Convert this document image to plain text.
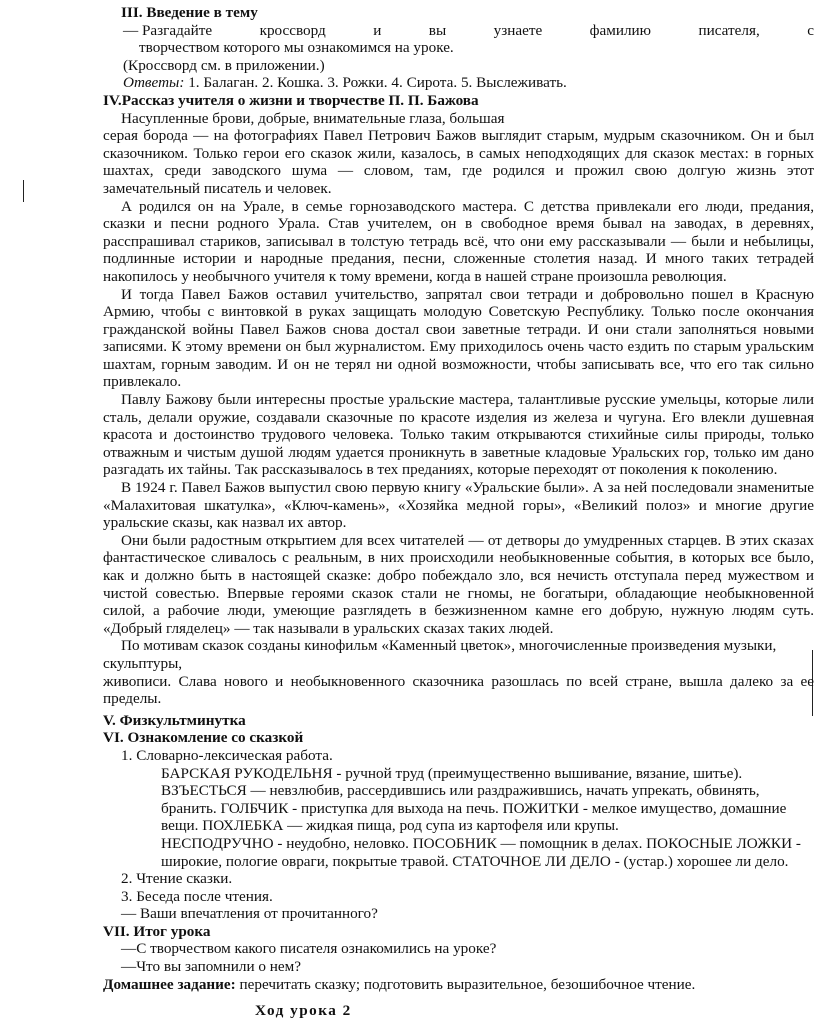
III. Введение в тему

— Разгадайте	кроссворд	и	вы	узнаете	фамилию	писателя,	с

творчеством которого мы ознакомимся на уроке.

(Кроссворд см. в приложении.)

Ответы: 1. Балаган. 2. Кошка. 3. Рожки. 4. Сирота. 5. Выслеживать.

IV.Рассказ учителя о жизни и творчестве П. П. Бажова

Насупленные брови, добрые, внимательные глаза, большая

серая борода — на фотографиях Павел Петрович Бажов выглядит старым, мудрым сказочником. Он и был сказочником. Только герои его сказок жили, казалось, в самых неподходящих для сказок местах: в горных шахтах, среди заводского шума — словом, там, где родился и прожил свою долгую жизнь этот замечательный писатель и человек.

А родился он на Урале, в семье горнозаводского мастера. С детства привлекали его люди, предания, сказки и песни родного Урала. Став учителем, он в свободное время бывал на заводах, в деревнях, расспрашивал стариков, записывал в толстую тетрадь всё, что они ему рассказывали — были и небылицы, подлинные истории и народные предания, песни, сложенные столетия назад. И много таких тетрадей накопилось у необычного учителя к тому времени, когда в нашей стране произошла революция.

И тогда Павел Бажов оставил учительство, запрятал свои тетради и добровольно пошел в Красную Армию, чтобы с винтовкой в руках защищать молодую Советскую Республику. Только после окончания гражданской войны Павел Бажов снова достал свои заветные тетради. И они стали заполняться новыми записями. К этому времени он был журналистом. Ему приходилось очень часто ездить по старым уральским шахтам, горным заводим. И он не терял ни одной возможности, чтобы записывать все, что его так сильно привлекало.

Павлу Бажову были интересны простые уральские мастера, талантливые русские умельцы, которые лили сталь, делали оружие, создавали сказочные по красоте изделия из железа и чугуна. Его влекли душевная красота и достоинство трудового человека. Только таким открываются стихийные силы природы, только отважным и чистым душой людям удается проникнуть в заветные кладовые Уральских гор, только им дано разгадать их тайны. Так рассказывалось в тех преданиях, которые переходят от поколения к поколению.

В 1924 г. Павел Бажов выпустил свою первую книгу «Уральские были». А за ней последовали знаменитые «Малахитовая шкатулка», «Ключ-камень», «Хозяйка медной горы», «Великий полоз» и многие другие уральские сказы, как назвал их автор.

Они были радостным открытием для всех читателей — от детворы до умудренных старцев. В этих сказах фантастическое сливалось с реальным, в них происходили необыкновенные события, в которых все было, как и должно быть в настоящей сказке: добро побеждало зло, вся нечисть отступала перед мужеством и чистой совестью. Впервые героями сказок стали не гномы, не богатыри, обладающие необыкновенной силой, а рабочие люди, умеющие разглядеть в безжизненном камне его добрую, нужную людям суть. «Добрый гляделец» — так называли в уральских сказах таких людей.

По мотивам сказок созданы кинофильм «Каменный цветок», многочисленные произведения музыки, скульптуры,

живописи. Слава нового и необыкновенного сказочника разошлась по всей стране, вышла далеко за ее пределы.

V. Физкультминутка

VI. Ознакомление со сказкой

1. Словарно-лексическая работа.

БАРСКАЯ РУКОДЕЛЬНЯ - ручной труд (преимущественно вышивание, вязание, шитье). ВЗЪЕСТЬСЯ — невзлюбив, рассердившись или раздражившись, начать упрекать, обвинять, бранить. ГОЛБЧИК - приступка для выхода на печь. ПОЖИТКИ - мелкое имущество, домашние вещи. ПОХЛЕБКА — жидкая пища, род супа из картофеля или крупы.

НЕСПОДРУЧНО - неудобно, неловко. ПОСОБНИК — помощник в делах. ПОКОСНЫЕ ЛОЖКИ - широкие, пологие овраги, покрытые травой. СТАТОЧНОЕ ЛИ ДЕЛО - (устар.) хорошее ли дело.

2. Чтение сказки.

3. Беседа после чтения.

— Ваши впечатления от прочитанного?

VII. Итог урока

—С творчеством какого писателя ознакомились на уроке?

—Что вы запомнили о нем?

Домашнее задание: перечитать сказку; подготовить выразительное, безошибочное чтение.

Ход урока 2
